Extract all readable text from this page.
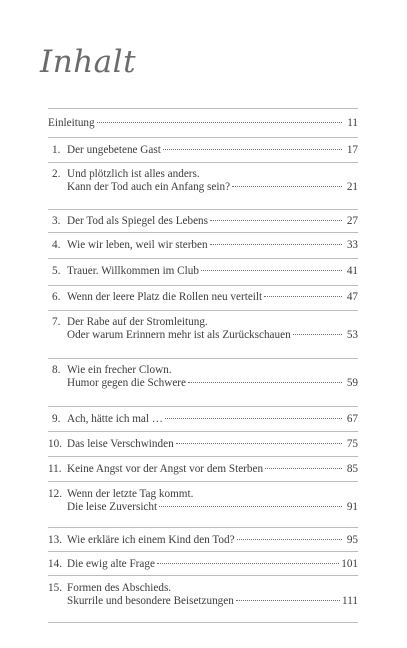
Inhalt
Einleitung	11
1. Der ungebetene Gast	17
2. Und plötzlich ist alles anders.
Kann der Tod auch ein Anfang sein?	21
3. Der Tod als Spiegel des Lebens	27
4. Wie wir leben, weil wir sterben	33
5. Trauer. Willkommen im Club	41
6. Wenn der leere Platz die Rollen neu verteilt	47
7. Der Rabe auf der Stromleitung.
Oder warum Erinnern mehr ist als Zurückschauen	53
8. Wie ein frecher Clown.
Humor gegen die Schwere	59
9. Ach, hätte ich mal …	67
10. Das leise Verschwinden	75
11. Keine Angst vor der Angst vor dem Sterben	85
12. Wenn der letzte Tag kommt.
Die leise Zuversicht	91
13. Wie erkläre ich einem Kind den Tod?	95
14. Die ewig alte Frage	101
15. Formen des Abschieds.
Skurrile und besondere Beisetzungen	111
